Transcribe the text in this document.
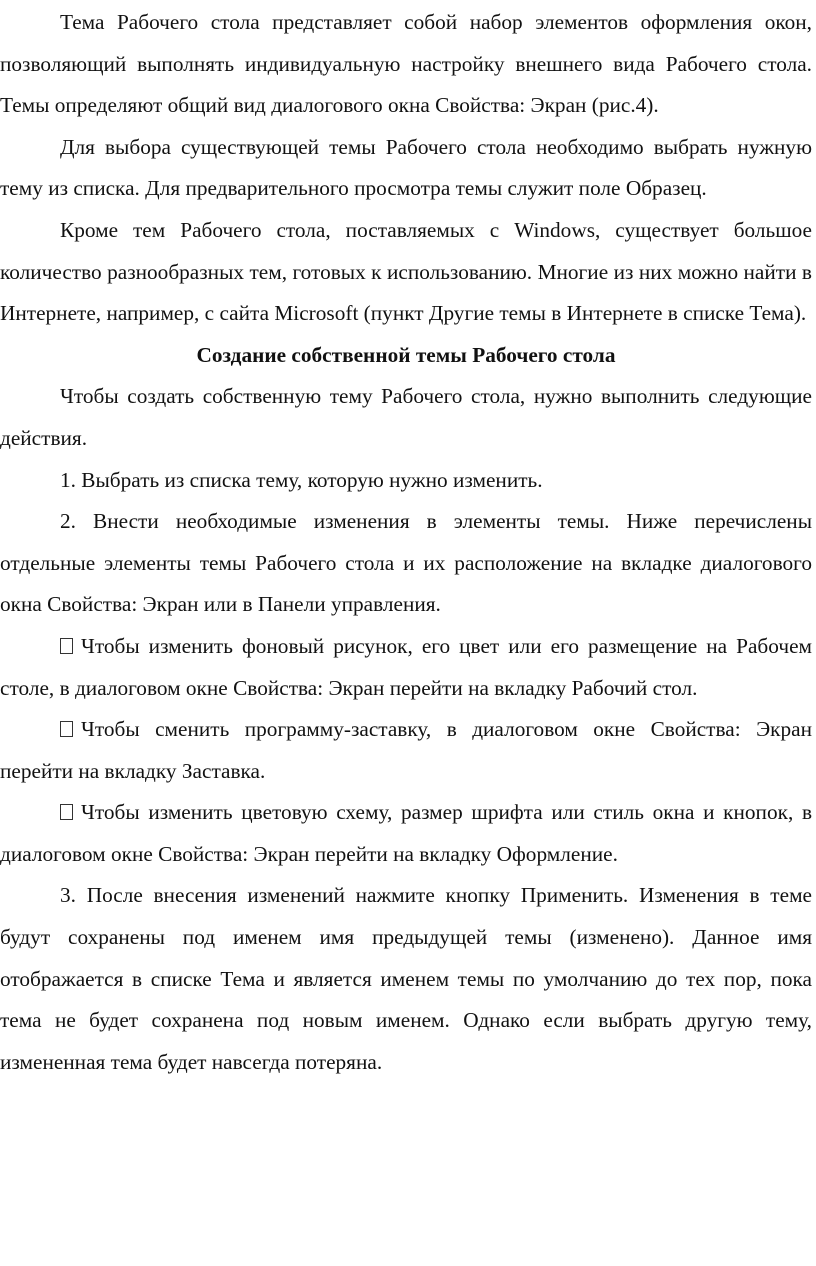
Тема Рабочего стола представляет собой набор элементов оформления окон, позволяющий выполнять индивидуальную настройку внешнего вида Рабочего стола. Темы определяют общий вид диалогового окна Свойства: Экран (рис.4).

Для выбора существующей темы Рабочего стола необходимо выбрать нужную тему из списка. Для предварительного просмотра темы служит поле Образец.

Кроме тем Рабочего стола, поставляемых с Windows, существует большое количество разнообразных тем, готовых к использованию. Многие из них можно найти в Интернете, например, с сайта Microsoft (пункт Другие темы в Интернете в списке Тема).

Создание собственной темы Рабочего стола

Чтобы создать собственную тему Рабочего стола, нужно выполнить следующие действия.

1. Выбрать из списка тему, которую нужно изменить.

2. Внести необходимые изменения в элементы темы. Ниже перечислены отдельные элементы темы Рабочего стола и их расположение на вкладке диалогового окна Свойства: Экран или в Панели управления.

Чтобы изменить фоновый рисунок, его цвет или его размещение на Рабочем столе, в диалоговом окне Свойства: Экран перейти на вкладку Рабочий стол.

Чтобы сменить программу-заставку, в диалоговом окне Свойства: Экран перейти на вкладку Заставка.

Чтобы изменить цветовую схему, размер шрифта или стиль окна и кнопок, в диалоговом окне Свойства: Экран перейти на вкладку Оформление.

3. После внесения изменений нажмите кнопку Применить. Изменения в теме будут сохранены под именем имя предыдущей темы (изменено). Данное имя отображается в списке Тема и является именем темы по умолчанию до тех пор, пока тема не будет сохранена под новым именем. Однако если выбрать другую тему, измененная тема будет навсегда потеряна.
